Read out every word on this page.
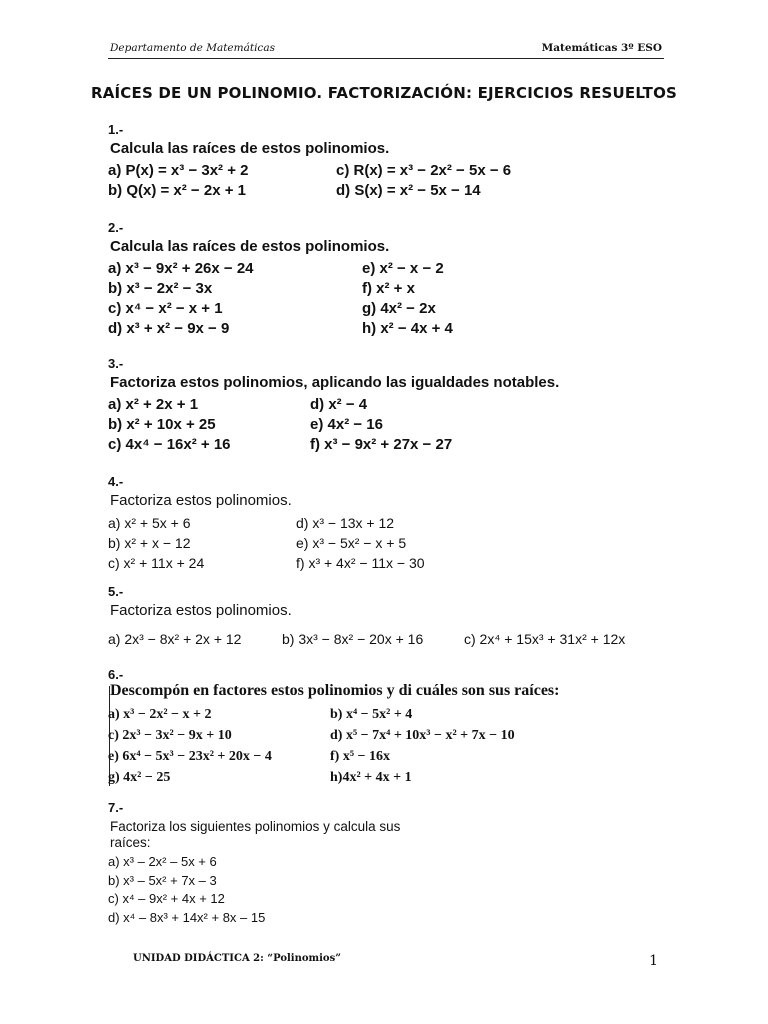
Departamento de Matemáticas	Matemáticas 3º ESO
RAÍCES DE UN POLINOMIO. FACTORIZACIÓN: EJERCICIOS RESUELTOS
1.-
Calcula las raíces de estos polinomios.
a) P(x) = x³ − 3x² + 2	c) R(x) = x³ − 2x² − 5x − 6
b) Q(x) = x² − 2x + 1	d) S(x) = x² − 5x − 14
2.-
Calcula las raíces de estos polinomios.
a) x³ − 9x² + 26x − 24	e) x² − x − 2
b) x³ − 2x² − 3x	f) x² + x
c) x⁴ − x² − x + 1	g) 4x² − 2x
d) x³ + x² − 9x − 9	h) x² − 4x + 4
3.-
Factoriza estos polinomios, aplicando las igualdades notables.
a) x² + 2x + 1	d) x² − 4
b) x² + 10x + 25	e) 4x² − 16
c) 4x⁴ − 16x² + 16	f) x³ − 9x² + 27x − 27
4.-
Factoriza estos polinomios.
a) x² + 5x + 6	d) x³ − 13x + 12
b) x² + x − 12	e) x³ − 5x² − x + 5
c) x² + 11x + 24	f) x³ + 4x² − 11x − 30
5.-
Factoriza estos polinomios.
a) 2x³ − 8x² + 2x + 12	b) 3x³ − 8x² − 20x + 16	c) 2x⁴ + 15x³ + 31x² + 12x
6.-
Descompón en factores estos polinomios y di cuáles son sus raíces:
a) x³ − 2x² − x + 2	b) x⁴ − 5x² + 4
c) 2x³ − 3x² − 9x + 10	d) x⁵ − 7x⁴ + 10x³ − x² + 7x − 10
e) 6x⁴ − 5x³ − 23x² + 20x − 4	f) x⁵ − 16x
g) 4x² − 25	h)4x² + 4x + 1
7.-
Factoriza los siguientes polinomios y calcula sus
raíces:
a) x³ – 2x² – 5x + 6
b) x³ – 5x² + 7x – 3
c) x⁴ – 9x² + 4x + 12
d) x⁴ – 8x³ + 14x² + 8x – 15
UNIDAD DIDÁCTICA 2: “Polinomios”	1
